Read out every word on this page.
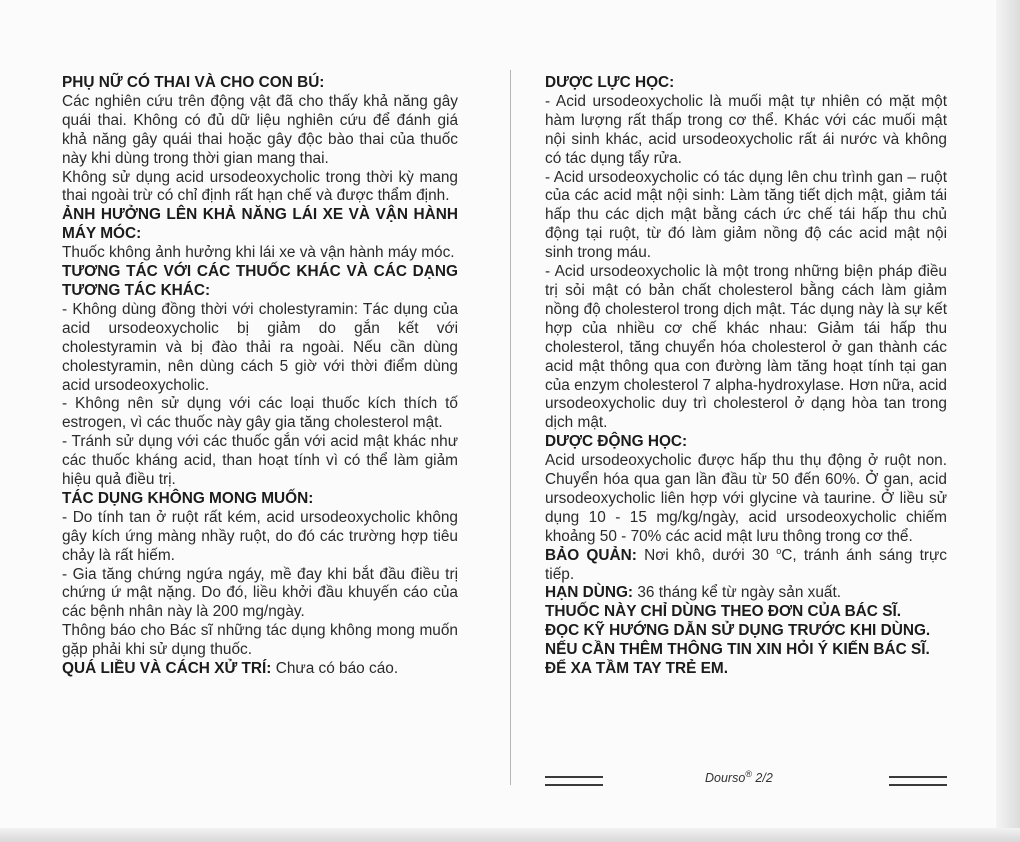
PHỤ NỮ CÓ THAI VÀ CHO CON BÚ:

Các nghiên cứu trên động vật đã cho thấy khả năng gây quái thai. Không có đủ dữ liệu nghiên cứu để đánh giá khả năng gây quái thai hoặc gây độc bào thai của thuốc này khi dùng trong thời gian mang thai.

Không sử dụng acid ursodeoxycholic trong thời kỳ mang thai ngoài trừ có chỉ định rất hạn chế và được thẩm định.

ẢNH HƯỞNG LÊN KHẢ NĂNG LÁI XE VÀ VẬN HÀNH MÁY MÓC:

Thuốc không ảnh hưởng khi lái xe và vận hành máy móc.

TƯƠNG TÁC VỚI CÁC THUỐC KHÁC VÀ CÁC DẠNG TƯƠNG TÁC KHÁC:

- Không dùng đồng thời với cholestyramin: Tác dụng của acid ursodeoxycholic bị giảm do gắn kết với cholestyramin và bị đào thải ra ngoài. Nếu cần dùng cholestyramin, nên dùng cách 5 giờ với thời điểm dùng acid ursodeoxycholic.

- Không nên sử dụng với các loại thuốc kích thích tố estrogen, vì các thuốc này gây gia tăng cholesterol mật.

- Tránh sử dụng với các thuốc gắn với acid mật khác như các thuốc kháng acid, than hoạt tính vì có thể làm giảm hiệu quả điều trị.

TÁC DỤNG KHÔNG MONG MUỐN:

- Do tính tan ở ruột rất kém, acid ursodeoxycholic không gây kích ứng màng nhầy ruột, do đó các trường hợp tiêu chảy là rất hiếm.

- Gia tăng chứng ngứa ngáy, mề đay khi bắt đầu điều trị chứng ứ mật nặng. Do đó, liều khởi đầu khuyến cáo của các bệnh nhân này là 200 mg/ngày.

Thông báo cho Bác sĩ những tác dụng không mong muốn gặp phải khi sử dụng thuốc.

QUÁ LIỀU VÀ CÁCH XỬ TRÍ: Chưa có báo cáo.

DƯỢC LỰC HỌC:

- Acid ursodeoxycholic là muối mật tự nhiên có mặt một hàm lượng rất thấp trong cơ thể. Khác với các muối mật nội sinh khác, acid ursodeoxycholic rất ái nước và không có tác dụng tẩy rửa.

- Acid ursodeoxycholic có tác dụng lên chu trình gan – ruột của các acid mật nội sinh: Làm tăng tiết dịch mật, giảm tái hấp thu các dịch mật bằng cách ức chế tái hấp thu chủ động tại ruột, từ đó làm giảm nồng độ các acid mật nội sinh trong máu.

- Acid ursodeoxycholic là một trong những biện pháp điều trị sỏi mật có bản chất cholesterol bằng cách làm giảm nồng độ cholesterol trong dịch mật. Tác dụng này là sự kết hợp của nhiều cơ chế khác nhau: Giảm tái hấp thu cholesterol, tăng chuyển hóa cholesterol ở gan thành các acid mật thông qua con đường làm tăng hoạt tính tại gan của enzym cholesterol 7 alpha-hydroxylase. Hơn nữa, acid ursodeoxycholic duy trì cholesterol ở dạng hòa tan trong dịch mật.

DƯỢC ĐỘNG HỌC:

Acid ursodeoxycholic được hấp thu thụ động ở ruột non. Chuyển hóa qua gan lần đầu từ 50 đến 60%. Ở gan, acid ursodeoxycholic liên hợp với glycine và taurine. Ở liều sử dụng 10 - 15 mg/kg/ngày, acid ursodeoxycholic chiếm khoảng 50 - 70% các acid mật lưu thông trong cơ thể.

BẢO QUẢN: Nơi khô, dưới 30 $^o$C, tránh ánh sáng trực tiếp.

HẠN DÙNG: 36 tháng kể từ ngày sản xuất.

THUỐC NÀY CHỈ DÙNG THEO ĐƠN CỦA BÁC SĨ.

ĐỌC KỸ HƯỚNG DẪN SỬ DỤNG TRƯỚC KHI DÙNG.

NẾU CẦN THÊM THÔNG TIN XIN HỎI Ý KIẾN BÁC SĨ.

ĐỂ XA TẦM TAY TRẺ EM.

Dourso® 2/2
